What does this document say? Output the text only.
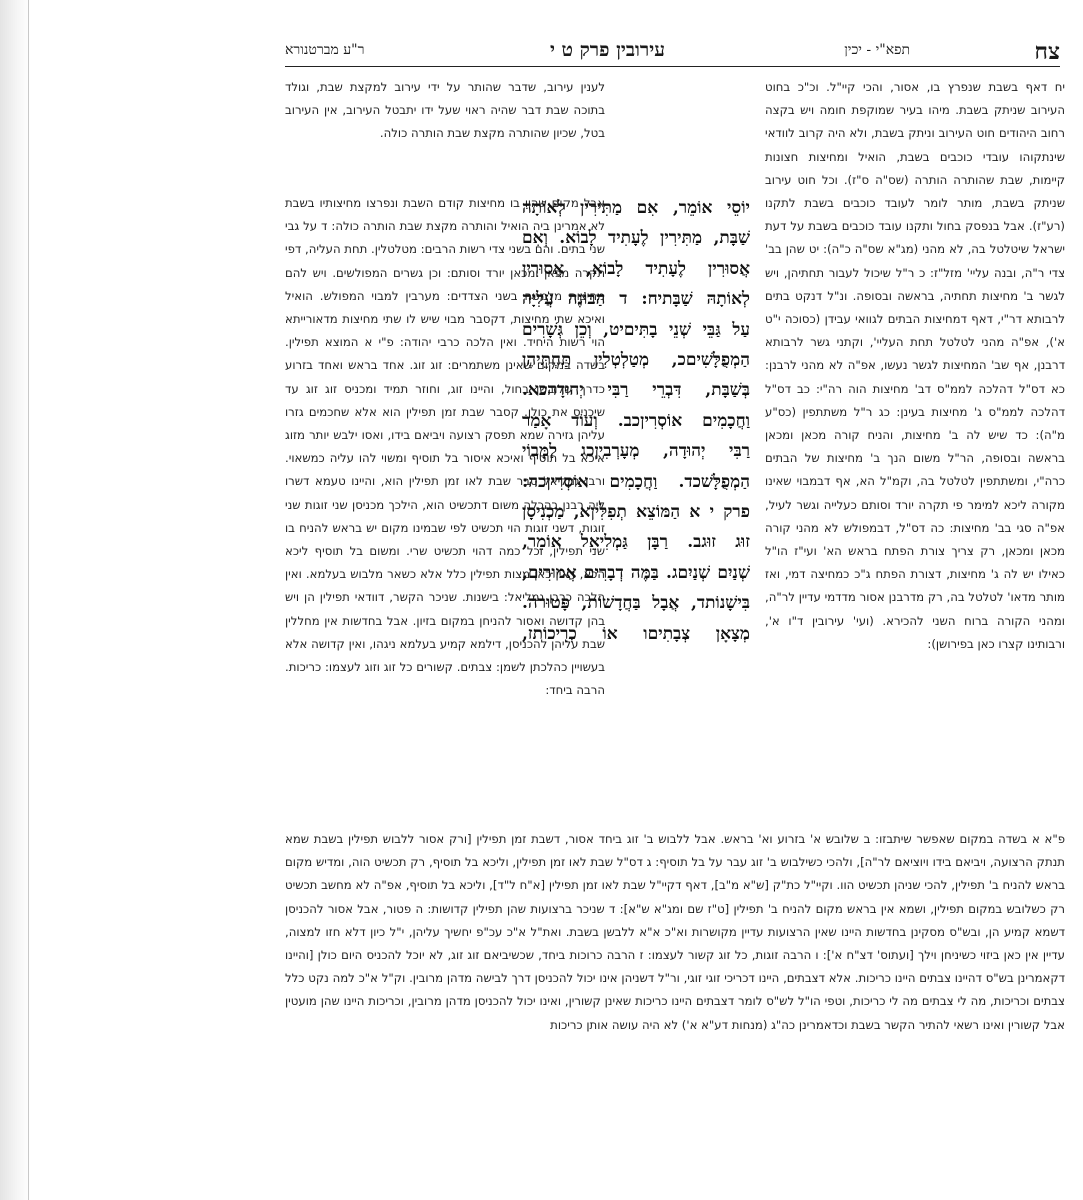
צח
תפא"י - יכין
עירובין פרק ט י
ר"ע מברטנורא

יח דאף בשבת שנפרץ בו, אסור, והכי קיי"ל. וכ"כ בחוט העירוב שניתק בשבת. מיהו בעיר שמוקפת חומה ויש בקצה רחוב היהודים חוט העירוב וניתק בשבת, ולא היה קרוב לוודאי שינתקוהו עובדי כוכבים בשבת, הואיל ומחיצות חצונות קיימות, שבת שהותרה הותרה (שס"ה ס"ז). וכל חוט עירוב שניתק בשבת, מותר לומר לעובד כוכבים בשבת לתקנו (רע"ז). אבל בנפסק בחול ותקנו עובד כוכבים בשבת על דעת ישראל שיטלטל בה, לא מהני (מג"א שס"ה כ"ה): יט שהן בב' צדי ר"ה, ובנה עליי' מזל"ז: כ ר"ל שיכול לעבור תחתיהן, ויש לגשר ב' מחיצות תחתיה, בראשה ובסופה. ונ"ל דנקט בתים לרבותא דר"י, דאף דמחיצות הבתים לגוואי עבידן (כסוכה י"ט א'), אפ"ה מהני לטלטל תחת העליי', וקתני גשר לרבותא דרבנן, אף שב' המחיצות לגשר נעשו, אפ"ה לא מהני לרבנן: כא דס"ל דהלכה לממ"ס דב' מחיצות הוה רה"י: כב דס"ל דהלכה לממ"ס ג' מחיצות בעינן: כג ר"ל משתתפין (כס"ע מ"ה): כד שיש לה ב' מחיצות, והניח קורה מכאן ומכאן בראשה ובסופה, הר"ל משום הנך ב' מחיצות של הבתים כרה"י, ומשתתפין לטלטל בה, וקמ"ל הא, אף דבמבוי שאינו מקורה ליכא למימר פי תקרה יורד וסותם כעלייה וגשר לעיל, אפ"ה סגי בב' מחיצות: כה דס"ל, דבמפולש לא מהני קורה מכאן ומכאן, רק צריך צורת הפתח בראש הא' ועי"ז הו"ל כאילו יש לה ג' מחיצות, דצורת הפתח ג"כ כמחיצה דמי, ואז מותר מדאו' לטלטל בה, רק מדרבנן אסור מדדמי עדיין לר"ה, ומהני הקורה ברוח השני להכירא. (ועי' עירובין ד"ו א', ורבותינו קצרו כאן בפירושן):

לענין עירוב, שדבר שהותר על ידי עירוב למקצת שבת, וגולד בתוכה שבת דבר שהיה ראוי שעל ידו יתבטל העירוב, אין העירוב בטל, שכיון שהותרה מקצת שבת הותרה כולה.

אבל מקום שהיו בו מחיצות קודם השבת ונפרצו מחיצותיו בשבת לא אמרינן ביה הואיל והותרה מקצת שבת הותרה כולה: ד על גבי שני בתים. והם בשני צדי רשות הרבים: מטלטלין. תחת העליה, דפי תקרה מכאן ומכאן יורד וסותם: וכן גשרים המפולשים. ויש להם מחיצות מלמטה בשני הצדדים: מערבין למבוי המפולש. הואיל ואיכא שתי מחיצות, דקסבר מבוי שיש לו שתי מחיצות מדאורייתא הוי רשות היחיד. ואין הלכה כרבי יהודה: פ"י א המוצא תפילין. בשדה במקום שאינן משתמרים: זוג זוג. אחד בראש ואחד בזרוע כדרך שלובשן בחול, והיינו זוג, וחוזר תמיד ומכניס זוג זוג עד שיכניס את כולן. קסבר שבת זמן תפילין הוא אלא שחכמים גזרו עליהן גזירה שמא תפסק רצועה ויביאם בידו, ואסו ילבש יותר מזוג איכא בל תוסיף ואיכא איסור בל תוסיף ומשוי להו עליה כמשאוי. ורבן גמליאל סבר שבת לאו זמן תפילין הוא, והיינו טעמא דשרו ליה רבנן בהכלה משום דתכשיט הוא, הילכך מכניסן שני זוגות שני זוגות, דשני זוגות הוי תכשיט לפי שבמינו מקום יש בראש להניח בו שני תפילין, וכל כמה דהוי תכשיט שרי. ומשום בל תוסיף ליכא הכא, דאין כאן מצות תפילין כלל אלא כשאר מלבוש בעלמא. ואין הלכה כרבן גמליאל: בישנות. שניכר הקשר, דוודאי תפילין הן ויש בהן קדושה ואסור להניחן במקום בזיון. אבל בחדשות אין מחללין שבת עליהן להכניסן, דילמא קמיע בעלמא ניגהו, ואין קדושה אלא בעשויין כהלכתן לשמן: צבתים. קשורים כל זוג וזוג לעצמו: כריכות. הרבה ביחד:

יוֹסֵי אוֹמֵר, אִם מַתִּירִין לְאוֹתָהּ
שַׁבָּת, מַתִּירִין לֶעָתִיד לָבוֹא. וְאִם
אֲסוּרִין לֶעָתִיד לָבוֹא, אֲסוּרִין
לְאוֹתָהּ שַׁבָּתיח: ד הַבּוֹנֶה עֲלִיָּה
עַל גַּבֵּי שְׁנֵי בָתִּיםיט, וְכֵן גְּשָׁרִים
הַמְפֻלָּשִׁיםכ, מְטַלְטְלִין תַּחְתֵּיהֶן
בְּשַׁבָּת, דִּבְרֵי רַבִּי יְהוּדָהכא.
וַחֲכָמִים אוֹסְרִיןכב. וְעוֹד אָמַר
רַבִּי יְהוּדָה, מְעָרְבִיןכג לַמָּבוֹי
הַמְפֻלָּשׁכד. וַחֲכָמִים אוֹסְרִיןכה:
פרק י א הַמּוֹצֵא תְפִלִּיןא, מַכְנִיסָן
זוּג זוּגב. רַבָּן גַּמְלִיאֵל אוֹמֵר,
שְׁנַיִם שְׁנַיִםג. בַּמֶּה דְבָרִים אֲמוּרִים,
בִּישָׁנוֹתד, אֲבָל בַּחֲדָשׁוֹת, פָּטוּרה.
מְצָאָן צְבָתִיםו אוֹ כְרִיכוֹתז,

פ"א א בשדה במקום שאפשר שיתבזו: ב שלובש א' בזרוע וא' בראש. אבל ללבוש ב' זוג ביחד אסור, דשבת זמן תפילין [ורק אסור ללבוש תפילין בשבת שמא תנתק הרצועה, ויביאם בידו ויוציאם לר"ה], ולהכי כשילבוש ב' זוג עבר על בל תוסיף: ג דס"ל שבת לאו זמן תפילין, וליכא בל תוסיף, רק תכשיט הוה, ומדיש מקום בראש להניח ב' תפילין, להכי שניהן תכשיט הוו. וקיי"ל כת"ק [ש"א מ"ב], דאף דקיי"ל שבת לאו זמן תפילין [א"ח ל"ד], וליכא בל תוסיף, אפ"ה לא מחשב תכשיט רק כשלובש במקום תפילין, ושמא אין בראש מקום להניח ב' תפילין [ט"ז שם ומג"א ש"א]: ד שניכר ברצועות שהן תפילין קדושות: ה פטור, אבל אסור להכניסן דשמא קמיע הן, ובש"ס מסקינן בחדשות היינו שאין הרצועות עדיין מקושרות וא"כ א"א ללבשן בשבת. ואת"ל א"כ עכ"פ יחשיך עליהן, י"ל כיון דלא חזו למצוה, עדיין אין כאן ביזוי כשיניחן וילך [ועתוס' דצ"ח א']: ו הרבה זוגות, כל זוג קשור לעצמו: ז הרבה כרוכות ביחד, שכשיביאם זוג זוג, לא יוכל להכניס היום כולן [והיינו דקאמרינן בש"ס דהיינו צבתים היינו כריכות. אלא דצבתים, היינו דכריכי זוגי זוגי, ור"ל דשניהן אינו יכול להכניסן דרך לבישה מדהן מרובין. וק"ל א"כ למה נקט כלל צבתים וכריכות, מה לי צבתים מה לי כריכות, וטפי הו"ל לש"ס לומר דצבתים היינו כריכות שאינן קשורין, ואינו יכול להכניסן מדהן מרובין, וכריכות היינו שהן מועטין אבל קשורין ואינו רשאי להתיר הקשר בשבת וכדאמרינן כה"ג (מנחות דע"א א') לא היה עושה אותן כריכות
